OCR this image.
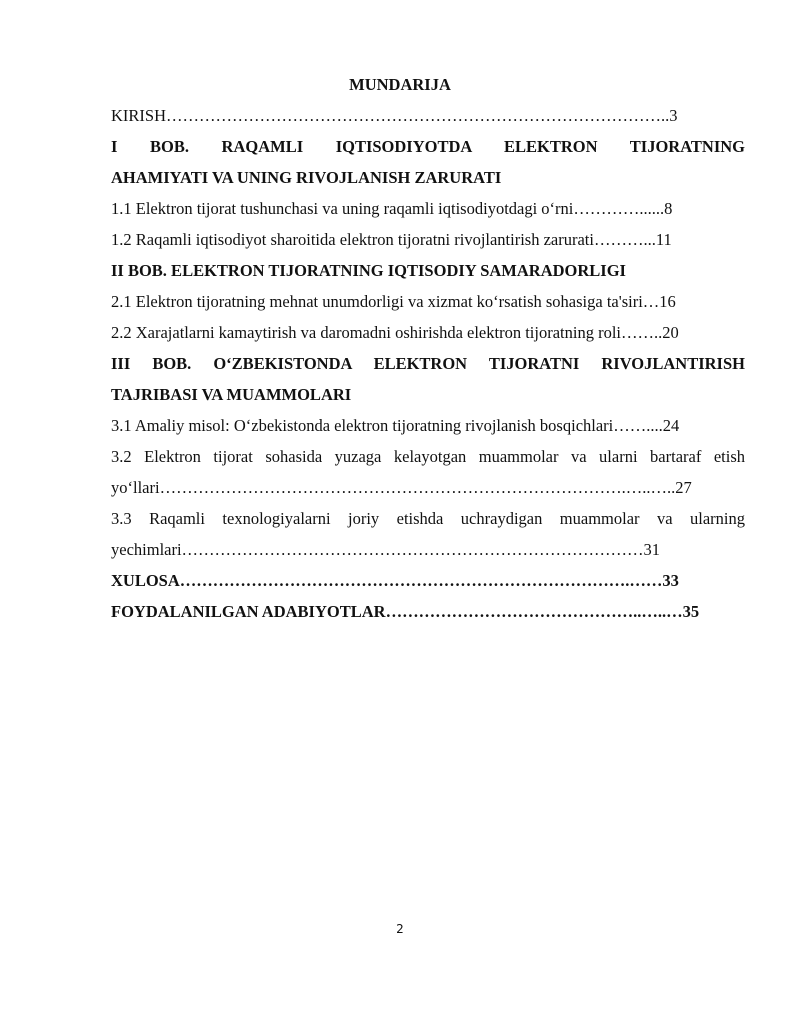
MUNDARIJA
KIRISH………………………………………………………………………………..3
I BOB. RAQAMLI IQTISODIYOTDA ELEKTRON TIJORATNING
AHAMIYATI VA UNING RIVOJLANISH ZARURATI
1.1 Elektron tijorat tushunchasi va uning raqamli iqtisodiyotdagi oʻrni…………......8
1.2 Raqamli iqtisodiyot sharoitida elektron tijoratni rivojlantirish zarurati………...11
II BOB. ELEKTRON TIJORATNING IQTISODIY SAMARADORLIGI
2.1 Elektron tijoratning mehnat unumdorligi va xizmat koʻrsatish sohasiga ta'siri…16
2.2 Xarajatlarni kamaytirish va daromadni oshirishda elektron tijoratning roli……..20
III BOB. OʻZBEKISTONDA ELEKTRON TIJORATNI RIVOJLANTIRISH
TAJRIBASI VA MUAMMOLARI
3.1 Amaliy misol: Oʻzbekistonda elektron tijoratning rivojlanish bosqichlari……....24
3.2 Elektron tijorat sohasida yuzaga kelayotgan muammolar va ularni bartaraf etish
yoʻllari………………………………………………………………………….…..…..27
3.3 Raqamli texnologiyalarni joriy etishda uchraydigan muammolar va ularning
yechimlari…………………………………………………………………………31
XULOSA……………………………………………………………………….……33
FOYDALANILGAN ADABIYOTLAR………………………………………..…..…35
2
